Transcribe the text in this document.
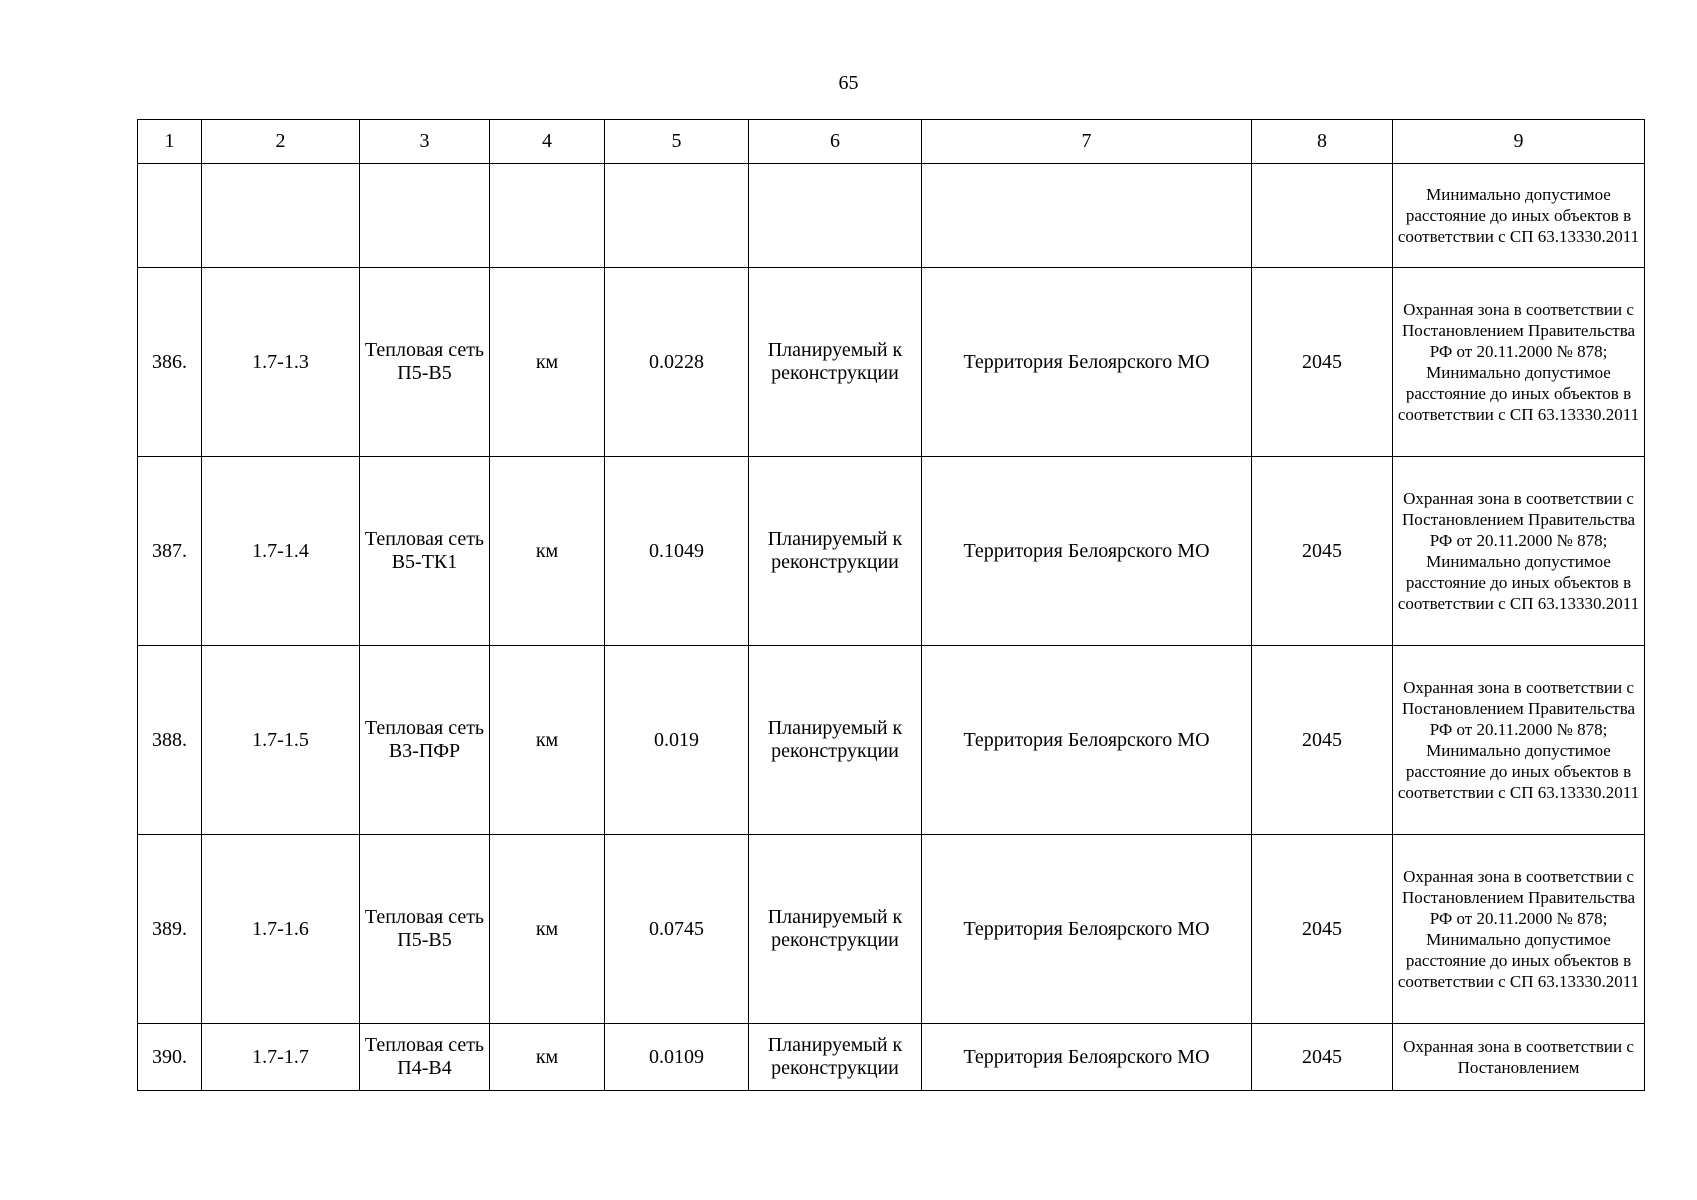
65
1	2	3	4	5	6	7	8	9
								Минимально допустимое расстояние до иных объектов в соответствии с СП 63.13330.2011
386.	1.7-1.3	Тепловая сеть П5-В5	км	0.0228	Планируемый к реконструкции	Территория Белоярского МО	2045	Охранная зона в соответствии с Постановлением Правительства РФ от 20.11.2000 № 878; Минимально допустимое расстояние до иных объектов в соответствии с СП 63.13330.2011
387.	1.7-1.4	Тепловая сеть В5-ТК1	км	0.1049	Планируемый к реконструкции	Территория Белоярского МО	2045	Охранная зона в соответствии с Постановлением Правительства РФ от 20.11.2000 № 878; Минимально допустимое расстояние до иных объектов в соответствии с СП 63.13330.2011
388.	1.7-1.5	Тепловая сеть В3-ПФР	км	0.019	Планируемый к реконструкции	Территория Белоярского МО	2045	Охранная зона в соответствии с Постановлением Правительства РФ от 20.11.2000 № 878; Минимально допустимое расстояние до иных объектов в соответствии с СП 63.13330.2011
389.	1.7-1.6	Тепловая сеть П5-В5	км	0.0745	Планируемый к реконструкции	Территория Белоярского МО	2045	Охранная зона в соответствии с Постановлением Правительства РФ от 20.11.2000 № 878; Минимально допустимое расстояние до иных объектов в соответствии с СП 63.13330.2011
390.	1.7-1.7	Тепловая сеть П4-В4	км	0.0109	Планируемый к реконструкции	Территория Белоярского МО	2045	Охранная зона в соответствии с Постановлением
